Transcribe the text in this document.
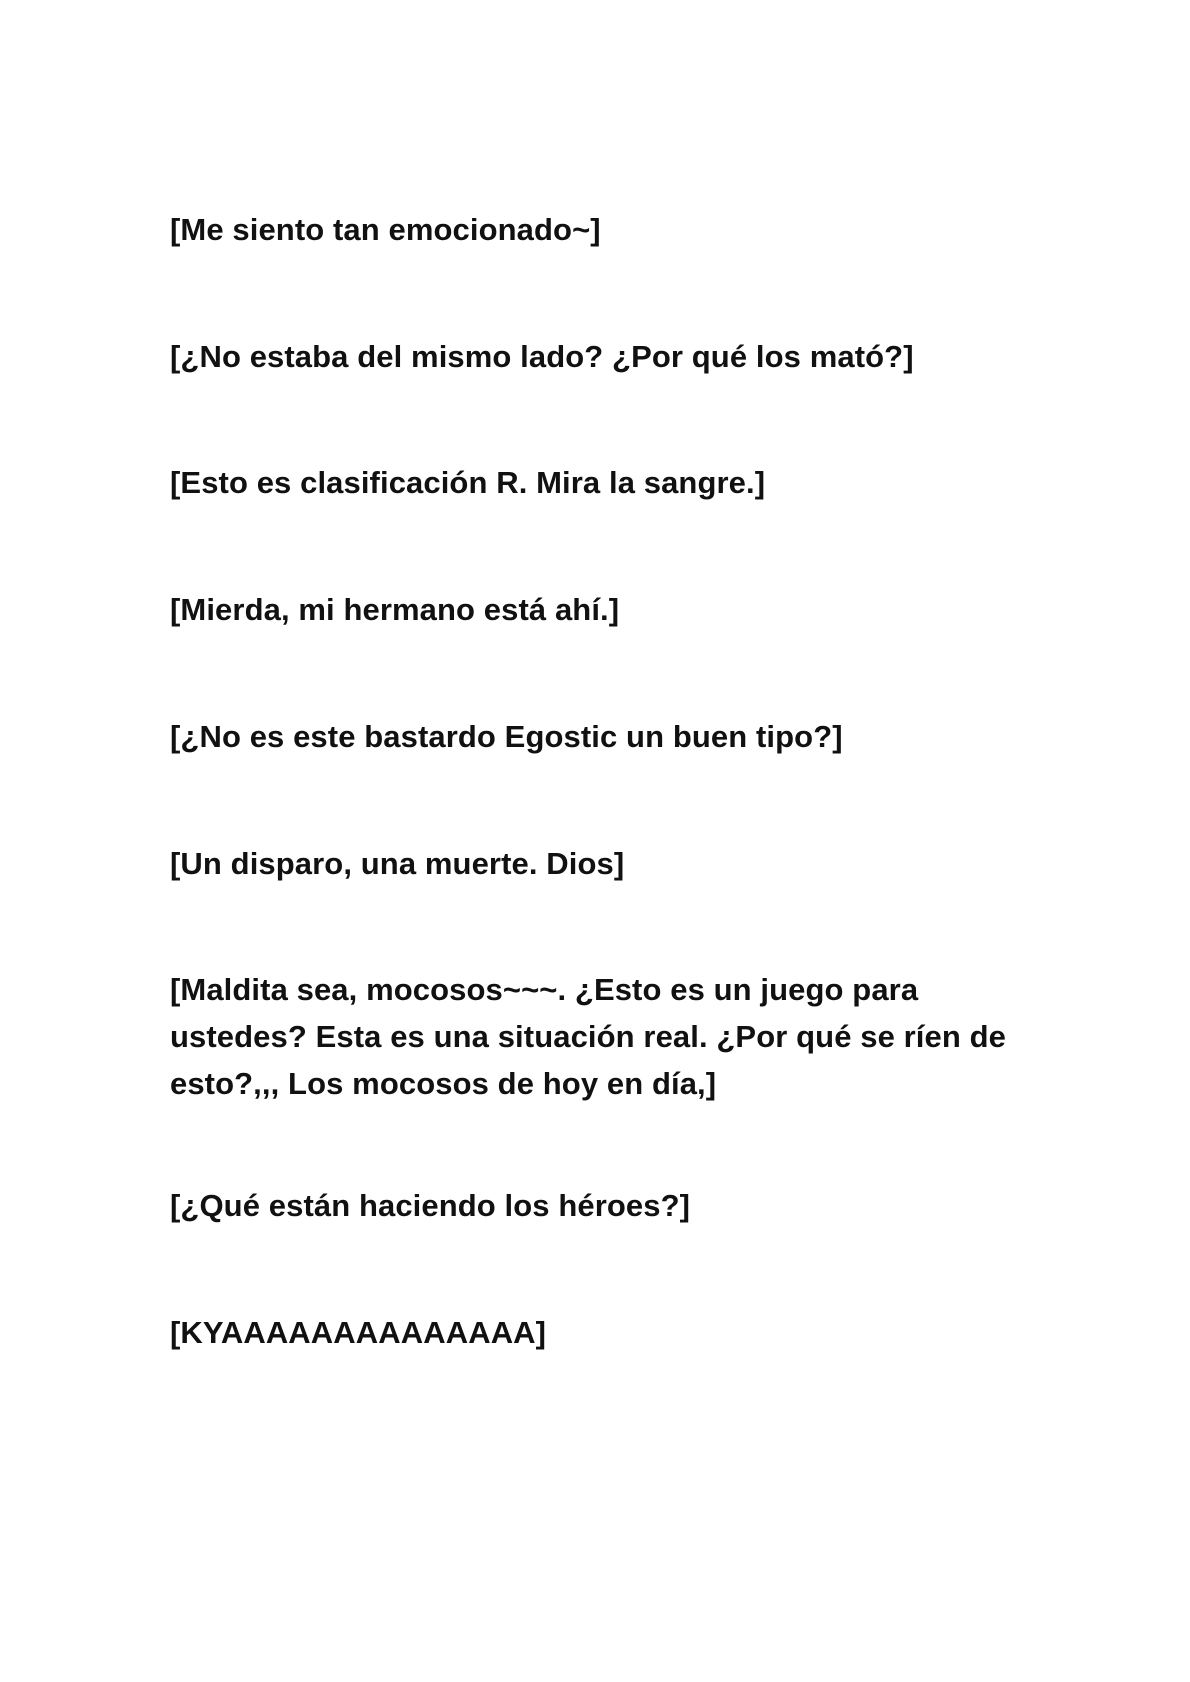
[Me siento tan emocionado~]

[¿No estaba del mismo lado? ¿Por qué los mató?]

[Esto es clasificación R. Mira la sangre.]

[Mierda, mi hermano está ahí.]

[¿No es este bastardo Egostic un buen tipo?]

[Un disparo, una muerte. Dios]

[Maldita sea, mocosos~~~. ¿Esto es un juego para ustedes? Esta es una situación real. ¿Por qué se ríen de esto?,,, Los mocosos de hoy en día,]

[¿Qué están haciendo los héroes?]

[KYAAAAAAAAAAAAAA]
